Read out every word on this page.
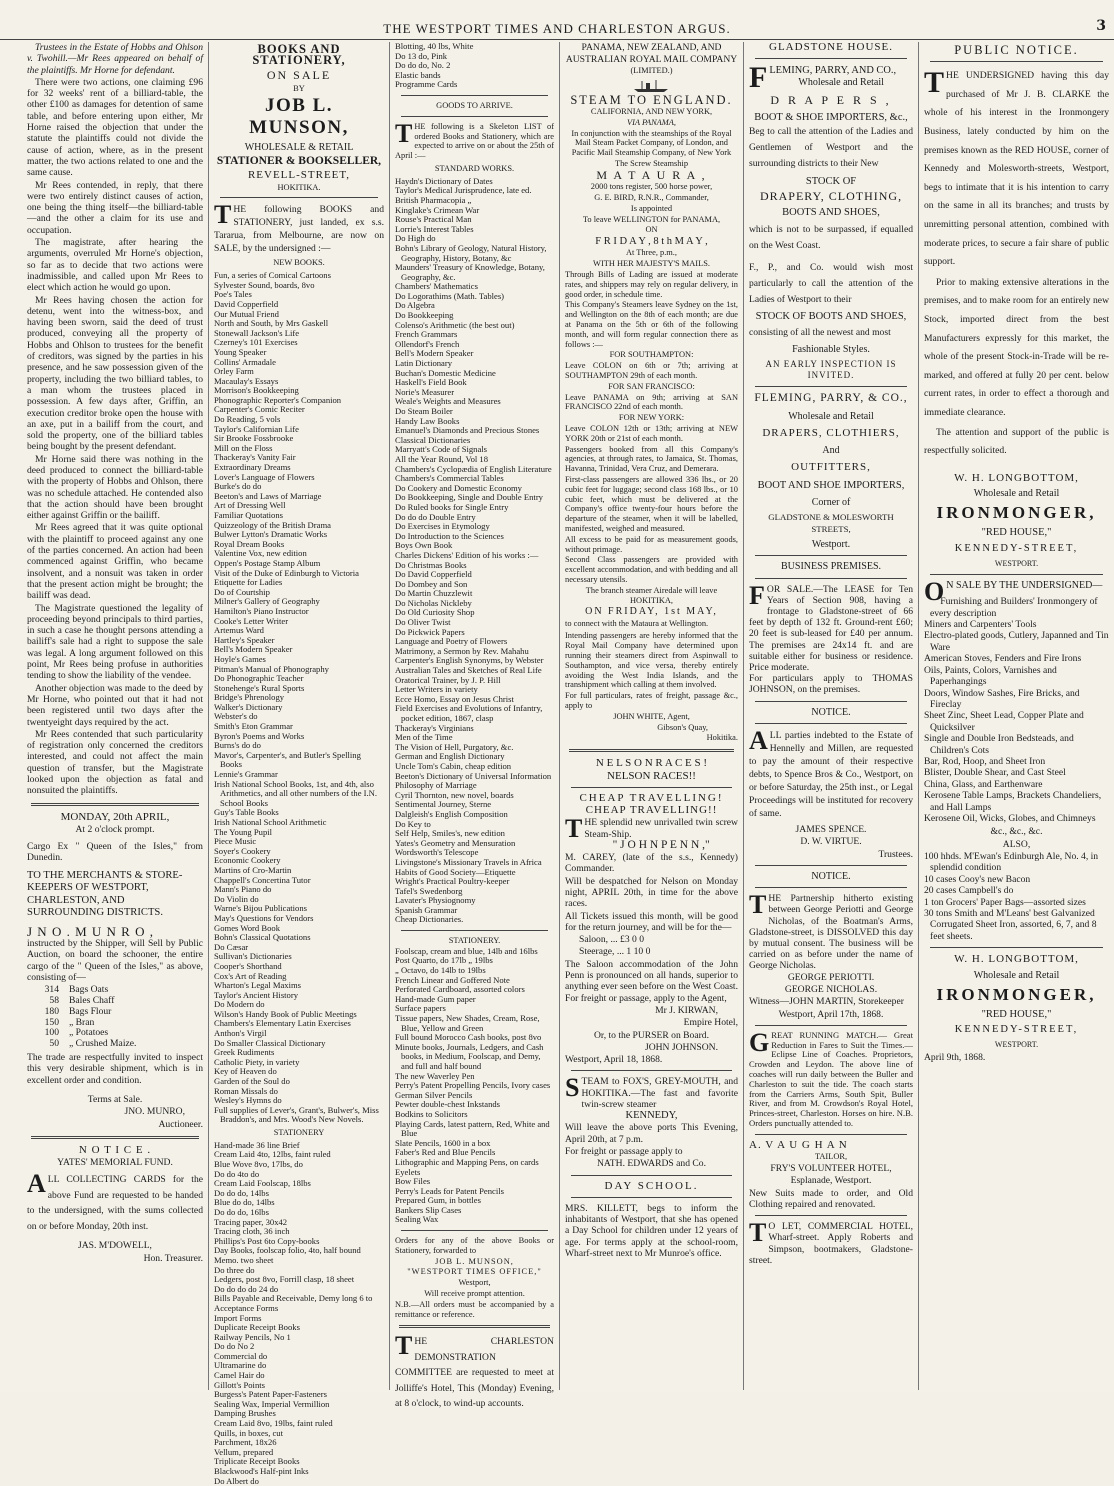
THE WESTPORT TIMES AND CHARLESTON ARGUS.	3

Trustees in the Estate of Hobbs and Ohlson v. Twohill.—Mr Rees appeared on behalf of the plaintiffs. Mr Horne for defendant.

There were two actions, one claiming £96 for 32 weeks' rent of a billiard-table, the other £100 as damages for detention of same table, and before entering upon either, Mr Horne raised the objection that under the statute the plaintiffs could not divide the cause of action, where, as in the present matter, the two actions related to one and the same cause.

Mr Rees contended, in reply, that there were two entirely distinct causes of action, one being the thing itself—the billiard-table—and the other a claim for its use and occupation.

The magistrate, after hearing the arguments, overruled Mr Horne's objection, so far as to decide that two actions were inadmissible, and called upon Mr Rees to elect which action he would go upon.

Mr Rees having chosen the action for detenu, went into the witness-box, and having been sworn, said the deed of trust produced, conveying all the property of Hobbs and Ohlson to trustees for the benefit of creditors, was signed by the parties in his presence, and he saw possession given of the property, including the two billiard tables, to a man whom the trustees placed in possession. A few days after, Griffin, an execution creditor broke open the house with an axe, put in a bailiff from the court, and sold the property, one of the billiard tables being bought by the present defendant.

Mr Horne said there was nothing in the deed produced to connect the billiard-table with the property of Hobbs and Ohlson, there was no schedule attached. He contended also that the action should have been brought either against Griffin or the bailiff.

Mr Rees agreed that it was quite optional with the plaintiff to proceed against any one of the parties concerned. An action had been commenced against Griffin, who became insolvent, and a nonsuit was taken in order that the present action might be brought; the bailiff was dead.

The Magistrate questioned the legality of proceeding beyond principals to third parties, in such a case he thought persons attending a bailiff's sale had a right to suppose the sale was legal. A long argument followed on this point, Mr Rees being profuse in authorities tending to show the liability of the vendee.

Another objection was made to the deed by Mr Horne, who pointed out that it had not been registered until two days after the twentyeight days required by the act.

Mr Rees contended that such particularity of registration only concerned the creditors interested, and could not affect the main question of transfer, but the Magistrate looked upon the objection as fatal and nonsuited the plaintiffs.

MONDAY, 20th APRIL,

At 2 o'clock prompt.

Cargo Ex " Queen of the Isles," from Dunedin.

TO THE MERCHANTS & STORE-KEEPERS OF WESTPORT, CHARLESTON, AND SURROUNDING DISTRICTS.

J N O . M U N R O ,

instructed by the Shipper, will Sell by Public Auction, on board the schooner, the entire cargo of the " Queen of the Isles," as above, consisting of—

314 Bags Oats
58 Bales Chaff
180 Bags Flour
150 „ Bran
100 „ Potatoes
50 „ Crushed Maize.

The trade are respectfully invited to inspect this very desirable shipment, which is in excellent order and condition.

Terms at Sale.

JNO. MUNRO,

Auctioneer.

N O T I C E .

YATES' MEMORIAL FUND.

ALL COLLECTING CARDS for the above Fund are requested to be handed to the undersigned, with the sums collected on or before Monday, 20th inst.

JAS. M'DOWELL,

Hon. Treasurer.

BOOKS AND STATIONERY,

ON SALE

BY

JOB L. MUNSON,

WHOLESALE & RETAIL

STATIONER & BOOKSELLER,

REVELL-STREET,

HOKITIKA.

THE following BOOKS and STATIONERY, just landed, ex s.s. Tararua, from Melbourne, are now on SALE, by the undersigned :—

NEW BOOKS.

Fun, a series of Comical Cartoons
Sylvester Sound, boards, 8vo
Poe's Tales
David Copperfield
Our Mutual Friend
North and South, by Mrs Gaskell
Stonewall Jackson's Life
Czerney's 101 Exercises
Young Speaker
Collins' Armadale
Orley Farm
Macaulay's Essays
Morrison's Bookkeeping
Phonographic Reporter's Companion
Carpenter's Comic Reciter
Do Reading, 5 vols
Taylor's Californian Life
Sir Brooke Fossbrooke
Mill on the Floss
Thackeray's Vanity Fair
Extraordinary Dreams
Lover's Language of Flowers
Burke's do do
Beeton's and Laws of Marriage
Art of Dressing Well
Familiar Quotations
Quizzeology of the British Drama
Bulwer Lytton's Dramatic Works
Royal Dream Books
Valentine Vox, new edition
Oppen's Postage Stamp Album
Visit of the Duke of Edinburgh to Victoria
Etiquette for Ladies
Do of Courtship
Milner's Gallery of Geography
Hamilton's Piano Instructor
Cooke's Letter Writer
Artemus Ward
Hartley's Speaker
Bell's Modern Speaker
Hoyle's Games
Pitman's Manual of Phonography
Do Phonographic Teacher
Stonehenge's Rural Sports
Bridge's Phrenology
Walker's Dictionary
Webster's do
Smith's Eton Grammar
Byron's Poems and Works
Burns's do do
Mavor's, Carpenter's, and Butler's Spelling Books
Lennie's Grammar
Irish National School Books, 1st, and 4th, also Arithmetics, and all other numbers of the I.N. School Books
Guy's Table Books
Irish National School Arithmetic
The Young Pupil
Piece Music
Soyer's Cookery
Economic Cookery
Martins of Cro-Martin
Chappell's Concertina Tutor
Mann's Piano do
Do Violin do
Warne's Bijou Publications
May's Questions for Vendors
Gomes Word Book
Bohn's Classical Quotations
Do Cæsar
Sullivan's Dictionaries
Cooper's Shorthand
Cox's Art of Reading
Wharton's Legal Maxims
Taylor's Ancient History
Do Modern do
Wilson's Handy Book of Public Meetings
Chambers's Elementary Latin Exercises
Anthon's Virgil
Do Smaller Classical Dictionary
Greek Rudiments
Catholic Piety, in variety
Key of Heaven do
Garden of the Soul do
Roman Missals do
Wesley's Hymns do
Full supplies of Lever's, Grant's, Bulwer's, Miss Braddon's, and Mrs. Wood's New Novels.

STATIONERY

Hand-made 36 line Brief
Cream Laid 4to, 12lbs, faint ruled
Blue Wove 8vo, 17lbs, do
Do do 4to do
Cream Laid Foolscap, 18lbs
Do do do, 14lbs
Blue do do, 14lbs
Do do do, 16lbs
Tracing paper, 30x42
Tracing cloth, 36 inch
Phillips's Post 6to Copy-books
Day Books, foolscap folio, 4to, half bound
Memo. two sheet
Do three do
Ledgers, post 8vo, Forrill clasp, 18 sheet
Do do do do 24 do
Bills Payable and Receivable, Demy long 6 to
Acceptance Forms
Import Forms
Duplicate Receipt Books
Railway Pencils, No 1
Do do No 2
Commercial do
Ultramarine do
Camel Hair do
Gillott's Points
Burgess's Patent Paper-Fasteners
Sealing Wax, Imperial Vermillion
Damping Brushes
Cream Laid 8vo, 19lbs, faint ruled
Quills, in boxes, cut
Parchment, 18x26
Vellum, prepared
Triplicate Receipt Books
Blackwood's Half-pint Inks
Do Albert do
Blotting, 40 lbs, White
Do 13 do, Pink
Do do do, No. 2
Elastic bands
Programme Cards

GOODS TO ARRIVE.

THE following is a Skeleton LIST of ordered Books and Stationery, which are expected to arrive on or about the 25th of April :—

STANDARD WORKS.

Haydn's Dictionary of Dates
Taylor's Medical Jurisprudence, late ed.
British Pharmacopia „
Kinglake's Crimean War
Rouse's Practical Man
Lorrie's Interest Tables
Do High do
Bohn's Library of Geology, Natural History, Geography, History, Botany, &c
Maunders' Treasury of Knowledge, Botany, Geography, &c.
Chambers' Mathematics
Do Logorathims (Math. Tables)
Do Algebra
Do Bookkeeping
Colenso's Arithmetic (the best out)
French Grammars
Ollendorf's French
Bell's Modern Speaker
Latin Dictionary
Buchan's Domestic Medicine
Haskell's Field Book
Norie's Measurer
Weale's Weights and Measures
Do Steam Boiler
Handy Law Books
Emanuel's Diamonds and Precious Stones
Classical Dictionaries
Marryatt's Code of Signals
All the Year Round, Vol 18
Chambers's Cyclopædia of English Literature
Chambers's Commercial Tables
Do Cookery and Domestic Economy
Do Bookkeeping, Single and Double Entry
Do Ruled books for Single Entry
Do do do Double Entry
Do Exercises in Etymology
Do Introduction to the Sciences
Boys Own Book
Charles Dickens' Edition of his works :—
Do Christmas Books
Do David Copperfield
Do Dombey and Son
Do Martin Chuzzlewit
Do Nicholas Nickleby
Do Old Curiosity Shop
Do Oliver Twist
Do Pickwick Papers
Language and Poetry of Flowers
Matrimony, a Sermon by Rev. Mahahu
Carpenter's English Synonyms, by Webster
Australian Tales and Sketches of Real Life
Oratorical Trainer, by J. P. Hill
Letter Writers in variety
Ecce Homo, Essay on Jesus Christ
Field Exercises and Evolutions of Infantry, pocket edition, 1867, clasp
Thackeray's Virginians
Men of the Time
The Vision of Hell, Purgatory, &c.
German and English Dictionary
Uncle Tom's Cabin, cheap edition
Beeton's Dictionary of Universal Information
Philosophy of Marriage
Cyril Thornton, new novel, boards
Sentimental Journey, Sterne
Dalgleish's English Composition
Do Key to
Self Help, Smiles's, new edition
Yates's Geometry and Mensuration
Wordsworth's Telescope
Livingstone's Missionary Travels in Africa
Habits of Good Society—Etiquette
Wright's Practical Poultry-keeper
Tafel's Swedenborg
Lavater's Physiognomy
Spanish Grammar
Cheap Dictionaries.

STATIONERY.

Foolscap, cream and blue, 14lb and 16lbs
Post Quarto, do 17lb „ 19lbs
„ Octavo, do 14lb to 19lbs
French Linear and Goffered Note
Perforated Cardboard, assorted colors
Hand-made Gum paper
Surface papers
Tissue papers, New Shades, Cream, Rose, Blue, Yellow and Green
Full bound Morocco Cash books, post 8vo
Minute books, Journals, Ledgers, and Cash books, in Medium, Foolscap, and Demy, and full and half bound
The new Waverley Pen
Perry's Patent Propelling Pencils, Ivory cases
German Silver Pencils
Pewter double-chest Inkstands
Bodkins to Solicitors
Playing Cards, latest pattern, Red, White and Blue
Slate Pencils, 1600 in a box
Faber's Red and Blue Pencils
Lithographic and Mapping Pens, on cards
Eyelets
Bow Files
Perry's Leads for Patent Pencils
Prepared Gum, in bottles
Bankers Slip Cases
Sealing Wax

Orders for any of the above Books or Stationery, forwarded to

JOB L. MUNSON,

"WESTPORT TIMES OFFICE,"

Westport,

Will receive prompt attention.

N.B.—All orders must be accompanied by a remittance or reference.

THE CHARLESTON DEMONSTRATION COMMITTEE are requested to meet at Jolliffe's Hotel, This (Monday) Evening, at 8 o'clock, to wind-up accounts.

PANAMA, NEW ZEALAND, AND AUSTRALIAN ROYAL MAIL COMPANY

(LIMITED.)

STEAM TO ENGLAND.

CALIFORNIA, AND NEW YORK,

VIA PANAMA,

In conjunction with the steamships of the Royal Mail Steam Packet Company, of London, and Pacific Mail Steamship Company, of New York

The Screw Steamship

M A T A U R A ,

2000 tons register, 500 horse power,

G. E. BIRD, R.N.R., Commander,

Is appointed

To leave WELLINGTON for PANAMA,

ON

F R I D A Y , 8 t h M A Y ,

At Three, p.m.,

WITH HER MAJESTY'S MAILS.

Through Bills of Lading are issued at moderate rates, and shippers may rely on regular delivery, in good order, in schedule time.

This Company's Steamers leave Sydney on the 1st, and Wellington on the 8th of each month; are due at Panama on the 5th or 6th of the following month, and will form regular connection there as follows :—

FOR SOUTHAMPTON:

Leave COLON on 6th or 7th; arriving at SOUTHAMPTON 29th of each month.

FOR SAN FRANCISCO:

Leave PANAMA on 9th; arriving at SAN FRANCISCO 22nd of each month.

FOR NEW YORK:

Leave COLON 12th or 13th; arriving at NEW YORK 20th or 21st of each month.

Passengers booked from all this Company's agencies, at through rates, to Jamaica, St. Thomas, Havanna, Trinidad, Vera Cruz, and Demerara.

First-class passengers are allowed 336 lbs., or 20 cubic feet for luggage; second class 168 lbs., or 10 cubic feet, which must be delivered at the Company's office twenty-four hours before the departure of the steamer, when it will be labelled, manifested, weighed and measured.

All excess to be paid for as measurement goods, without primage.

Second Class passengers are provided with excellent accommodation, and with bedding and all necessary utensils.

The branch steamer Airedale will leave HOKITIKA,

ON FRIDAY, 1st MAY,

to connect with the Mataura at Wellington.

Intending passengers are hereby informed that the Royal Mail Company have determined upon running their steamers direct from Aspinwall to Southampton, and vice versa, thereby entirely avoiding the West India Islands, and the transhipment which calling at them involved.

For full particulars, rates of freight, passage &c., apply to

JOHN WHITE, Agent,

Gibson's Quay,

Hokitika.

N E L S O N R A C E S !

NELSON RACES!!

CHEAP TRAVELLING!

CHEAP TRAVELLING!!

THE splendid new unrivalled twin screw Steam-Ship.

" J O H N P E N N ,"

M. CAREY, (late of the s.s., Kennedy) Commander.

Will be despatched for Nelson on Monday night, APRIL 20th, in time for the above races.

All Tickets issued this month, will be good for the return journey, and will be for the—

Saloon, ... £3 0 0

Steerage, ... 1 10 0

The Saloon accommodation of the John Penn is pronounced on all hands, superior to anything ever seen before on the West Coast. For freight or passage, apply to the Agent,

Mr J. KIRWAN,

Empire Hotel,

Or, to the PURSER on Board.

JOHN JOHNSON.

Westport, April 18, 1868.

STEAM to FOX'S, GREY-MOUTH, and HOKITIKA.—The fast and favorite twin-screw steamer

KENNEDY,

Will leave the above ports This Evening, April 20th, at 7 p.m.

For freight or passage apply to

NATH. EDWARDS and Co.

DAY SCHOOL.

MRS. KILLETT, begs to inform the inhabitants of Westport, that she has opened a Day School for children under 12 years of age. For terms apply at the school-room, Wharf-street next to Mr Munroe's office.

GLADSTONE HOUSE.

FLEMING, PARRY, AND CO.,

Wholesale and Retail

D R A P E R S ,

BOOT & SHOE IMPORTERS, &c.,

Beg to call the attention of the Ladies and Gentlemen of Westport and the surrounding districts to their New

STOCK OF

DRAPERY, CLOTHING,

BOOTS AND SHOES,

which is not to be surpassed, if equalled on the West Coast.

F., P., and Co. would wish most particularly to call the attention of the Ladies of Westport to their

STOCK OF BOOTS AND SHOES,

consisting of all the newest and most

Fashionable Styles.

AN EARLY INSPECTION IS INVITED.

FLEMING, PARRY, & CO.,

Wholesale and Retail

DRAPERS, CLOTHIERS,

And

OUTFITTERS,

BOOT AND SHOE IMPORTERS,

Corner of

GLADSTONE & MOLESWORTH STREETS,

Westport.

BUSINESS PREMISES.

FOR SALE.—The LEASE for Ten Years of Section 908, having a frontage to Gladstone-street of 66 feet by depth of 132 ft. Ground-rent £60; 20 feet is sub-leased for £40 per annum. The premises are 24x14 ft. and are suitable either for business or residence. Price moderate.

For particulars apply to THOMAS JOHNSON, on the premises.

NOTICE.

ALL parties indebted to the Estate of Hennelly and Millen, are requested to pay the amount of their respective debts, to Spence Bros & Co., Westport, on or before Saturday, the 25th inst., or Legal Proceedings will be instituted for recovery of same.

JAMES SPENCE.

D. W. VIRTUE.

Trustees.

NOTICE.

THE Partnership hitherto existing between George Periotti and George Nicholas, of the Boatman's Arms, Gladstone-street, is DISSOLVED this day by mutual consent. The business will be carried on as before under the name of George Nicholas.

GEORGE PERIOTTI.

GEORGE NICHOLAS.

Witness—JOHN MARTIN, Storekeeper

Westport, April 17th, 1868.

GREAT RUNNING MATCH.— Great Reduction in Fares to Suit the Times.—Eclipse Line of Coaches. Proprietors, Crowden and Leydon. The above line of coaches will run daily between the Buller and Charleston to suit the tide. The coach starts from the Carriers Arms, South Spit, Buller River, and from M. Crowdson's Royal Hotel, Princes-street, Charleston. Horses on hire. N.B. Orders punctually attended to.

A. V A U G H A N

TAILOR,

FRY'S VOLUNTEER HOTEL,

Esplanade, Westport.

New Suits made to order, and Old Clothing repaired and renovated.

T O LET, COMMERCIAL HOTEL, Wharf-street. Apply Roberts and Simpson, bootmakers, Gladstone-street.

PUBLIC NOTICE.

THE UNDERSIGNED having this day purchased of Mr J. B. CLARKE the whole of his interest in the Ironmongery Business, lately conducted by him on the premises known as the RED HOUSE, corner of Kennedy and Molesworth-streets, Westport, begs to intimate that it is his intention to carry on the same in all its branches; and trusts by unremitting personal attention, combined with moderate prices, to secure a fair share of public support.

Prior to making extensive alterations in the premises, and to make room for an entirely new Stock, imported direct from the best Manufacturers expressly for this market, the whole of the present Stock-in-Trade will be re-marked, and offered at fully 20 per cent. below current rates, in order to effect a thorough and immediate clearance.

The attention and support of the public is respectfully solicited.

W. H. LONGBOTTOM,

Wholesale and Retail

IRONMONGER,

"RED HOUSE,"

KENNEDY-STREET,

WESTPORT.

O N SALE BY THE UNDERSIGNED—
Furnishing and Builders' Ironmongery of every description
Miners and Carpenters' Tools
Electro-plated goods, Cutlery, Japanned and Tin Ware
American Stoves, Fenders and Fire Irons
Oils, Paints, Colors, Varnishes and Paperhangings
Doors, Window Sashes, Fire Bricks, and Fireclay
Sheet Zinc, Sheet Lead, Copper Plate and Quicksilver
Single and Double Iron Bedsteads, and Children's Cots
Bar, Rod, Hoop, and Sheet Iron
Blister, Double Shear, and Cast Steel
China, Glass, and Earthenware
Kerosene Table Lamps, Brackets Chandeliers, and Hall Lamps
Kerosene Oil, Wicks, Globes, and Chimneys

&c., &c., &c.

ALSO,

100 hhds. M'Ewan's Edinburgh Ale, No. 4, in splendid condition
10 cases Cooy's new Bacon
20 cases Campbell's do
1 ton Grocers' Paper Bags—assorted sizes
30 tons Smith and M'Leans' best Galvanized Corrugated Sheet Iron, assorted, 6, 7, and 8 feet sheets.

W. H. LONGBOTTOM,

Wholesale and Retail

IRONMONGER,

"RED HOUSE,"

KENNEDY-STREET,

WESTPORT.

April 9th, 1868.
